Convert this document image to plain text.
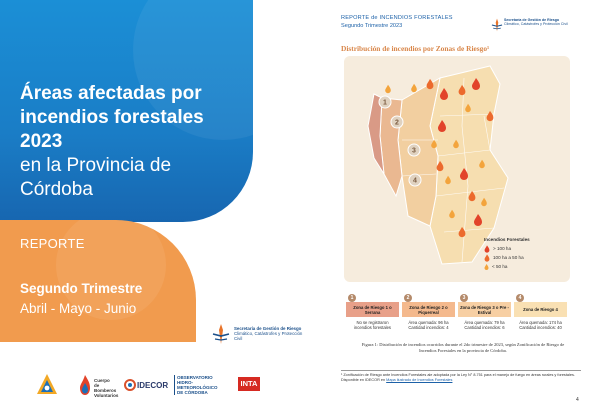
Áreas afectadas por
incendios forestales 2023
en la Provincia de
Córdoba
REPORTE
Segundo Trimestre
Abril - Mayo - Junio
Secretaría de Gestión de Riesgo
Climático, Catástrofes y Protección Civil
Cuerpo
de Bomberos
Voluntarios
IDECOR
OBSERVATORIO
HIDRO-METEOROLÓGICO
DE CÓRDOBA
INTA
REPORTE de INCENDIOS FORESTALES
Segundo Trimestre 2023
Secretaría de Gestión de Riesgo
Climático, Catástrofes y Protección Civil
Distribución de incendios por Zonas de Riesgo¹
1
2
3
4
Incendios Forestales
> 100 ha
100 ha a 50 ha
< 50 ha
1
Zona de Riesgo 1 o Serrana
No se registraron
incendios forestales
2
Zona de Riesgo 2 o Piquerreal
Área quemada: 96 ha
Cantidad incendios: 4
3
Zona de Riesgo 3 o Pre - Estival
Área quemada: 79 ha
Cantidad incendios: 6
4
Zona de Riesgo 4
Área quemada: 174 ha
Cantidad incendios: 40
Figura 1: Distribución de incendios ocurridos durante el 2do trimestre de 2023, según Zonificación de Riesgo de Incendios Forestales en la provincia de Córdoba.
¹ Zonificación de Riesgo ante Incendios Forestales ale adoptada por la Ley N° 8.751 para el manejo de fuego en áreas rurales y forestales. Disponible en IDECOR en Mapa ilustrado de Incendios Forestales
4
